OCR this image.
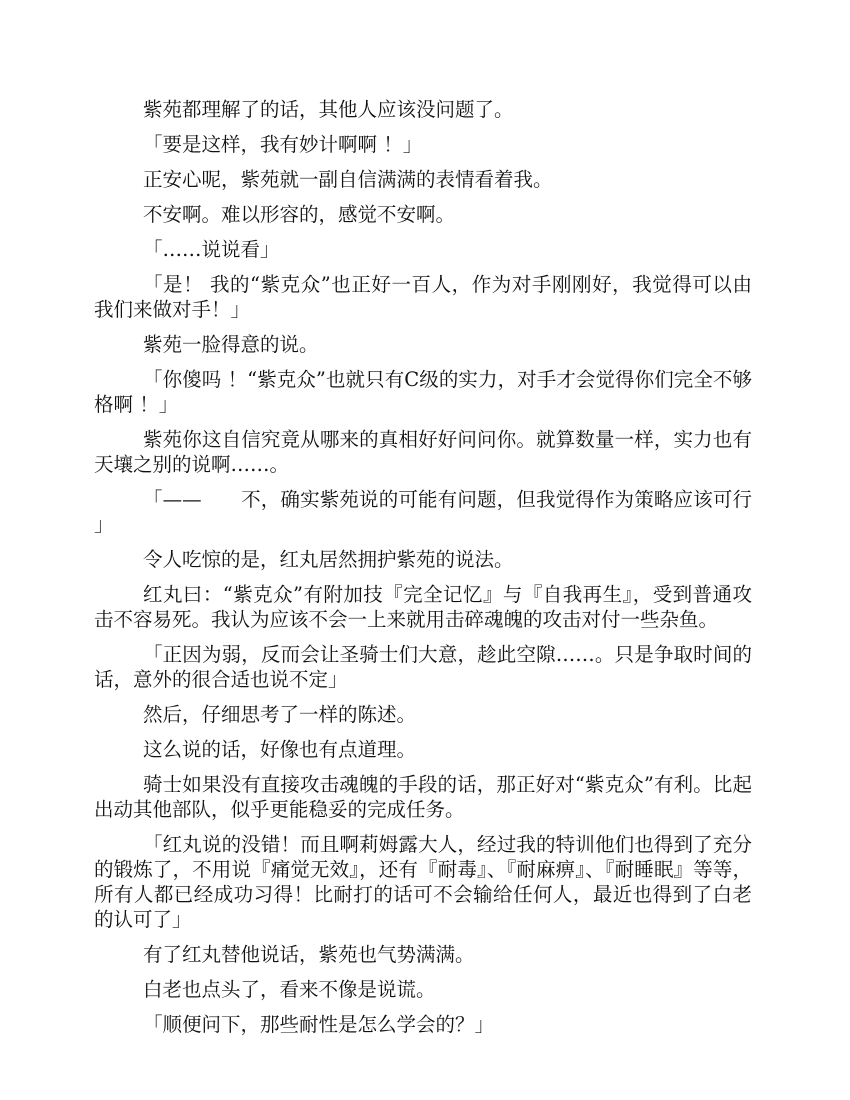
紫苑都理解了的话，其他人应该没问题了。

「要是这样，我有妙计啊啊 ！」

正安心呢，紫苑就一副自信满满的表情看着我。

不安啊。难以形容的，感觉不安啊。

「……说说看」

「是！ 我的“紫克众”也正好一百人，作为对手刚刚好，我觉得可以由我们来做对手！」

紫苑一脸得意的说。

「你傻吗 ！“紫克众”也就只有C级的实力，对手才会觉得你们完全不够格啊 ！」

紫苑你这自信究竟从哪来的真相好好问问你。就算数量一样，实力也有天壤之别的说啊……。

「——　　不，确实紫苑说的可能有问题，但我觉得作为策略应该可行」

令人吃惊的是，红丸居然拥护紫苑的说法。

红丸曰：“紫克众”有附加技『完全记忆』与『自我再生』，受到普通攻击不容易死。我认为应该不会一上来就用击碎魂魄的攻击对付一些杂鱼。

「正因为弱，反而会让圣骑士们大意，趁此空隙……。只是争取时间的话，意外的很合适也说不定」

然后，仔细思考了一样的陈述。

这么说的话，好像也有点道理。

骑士如果没有直接攻击魂魄的手段的话，那正好对“紫克众”有利。比起出动其他部队，似乎更能稳妥的完成任务。

「红丸说的没错！而且啊莉姆露大人，经过我的特训他们也得到了充分的锻炼了，不用说『痛觉无效』，还有『耐毒』、『耐麻痹』、『耐睡眠』等等，所有人都已经成功习得！比耐打的话可不会输给任何人，最近也得到了白老的认可了」

有了红丸替他说话，紫苑也气势满满。

白老也点头了，看来不像是说谎。

「顺便问下，那些耐性是怎么学会的？」
